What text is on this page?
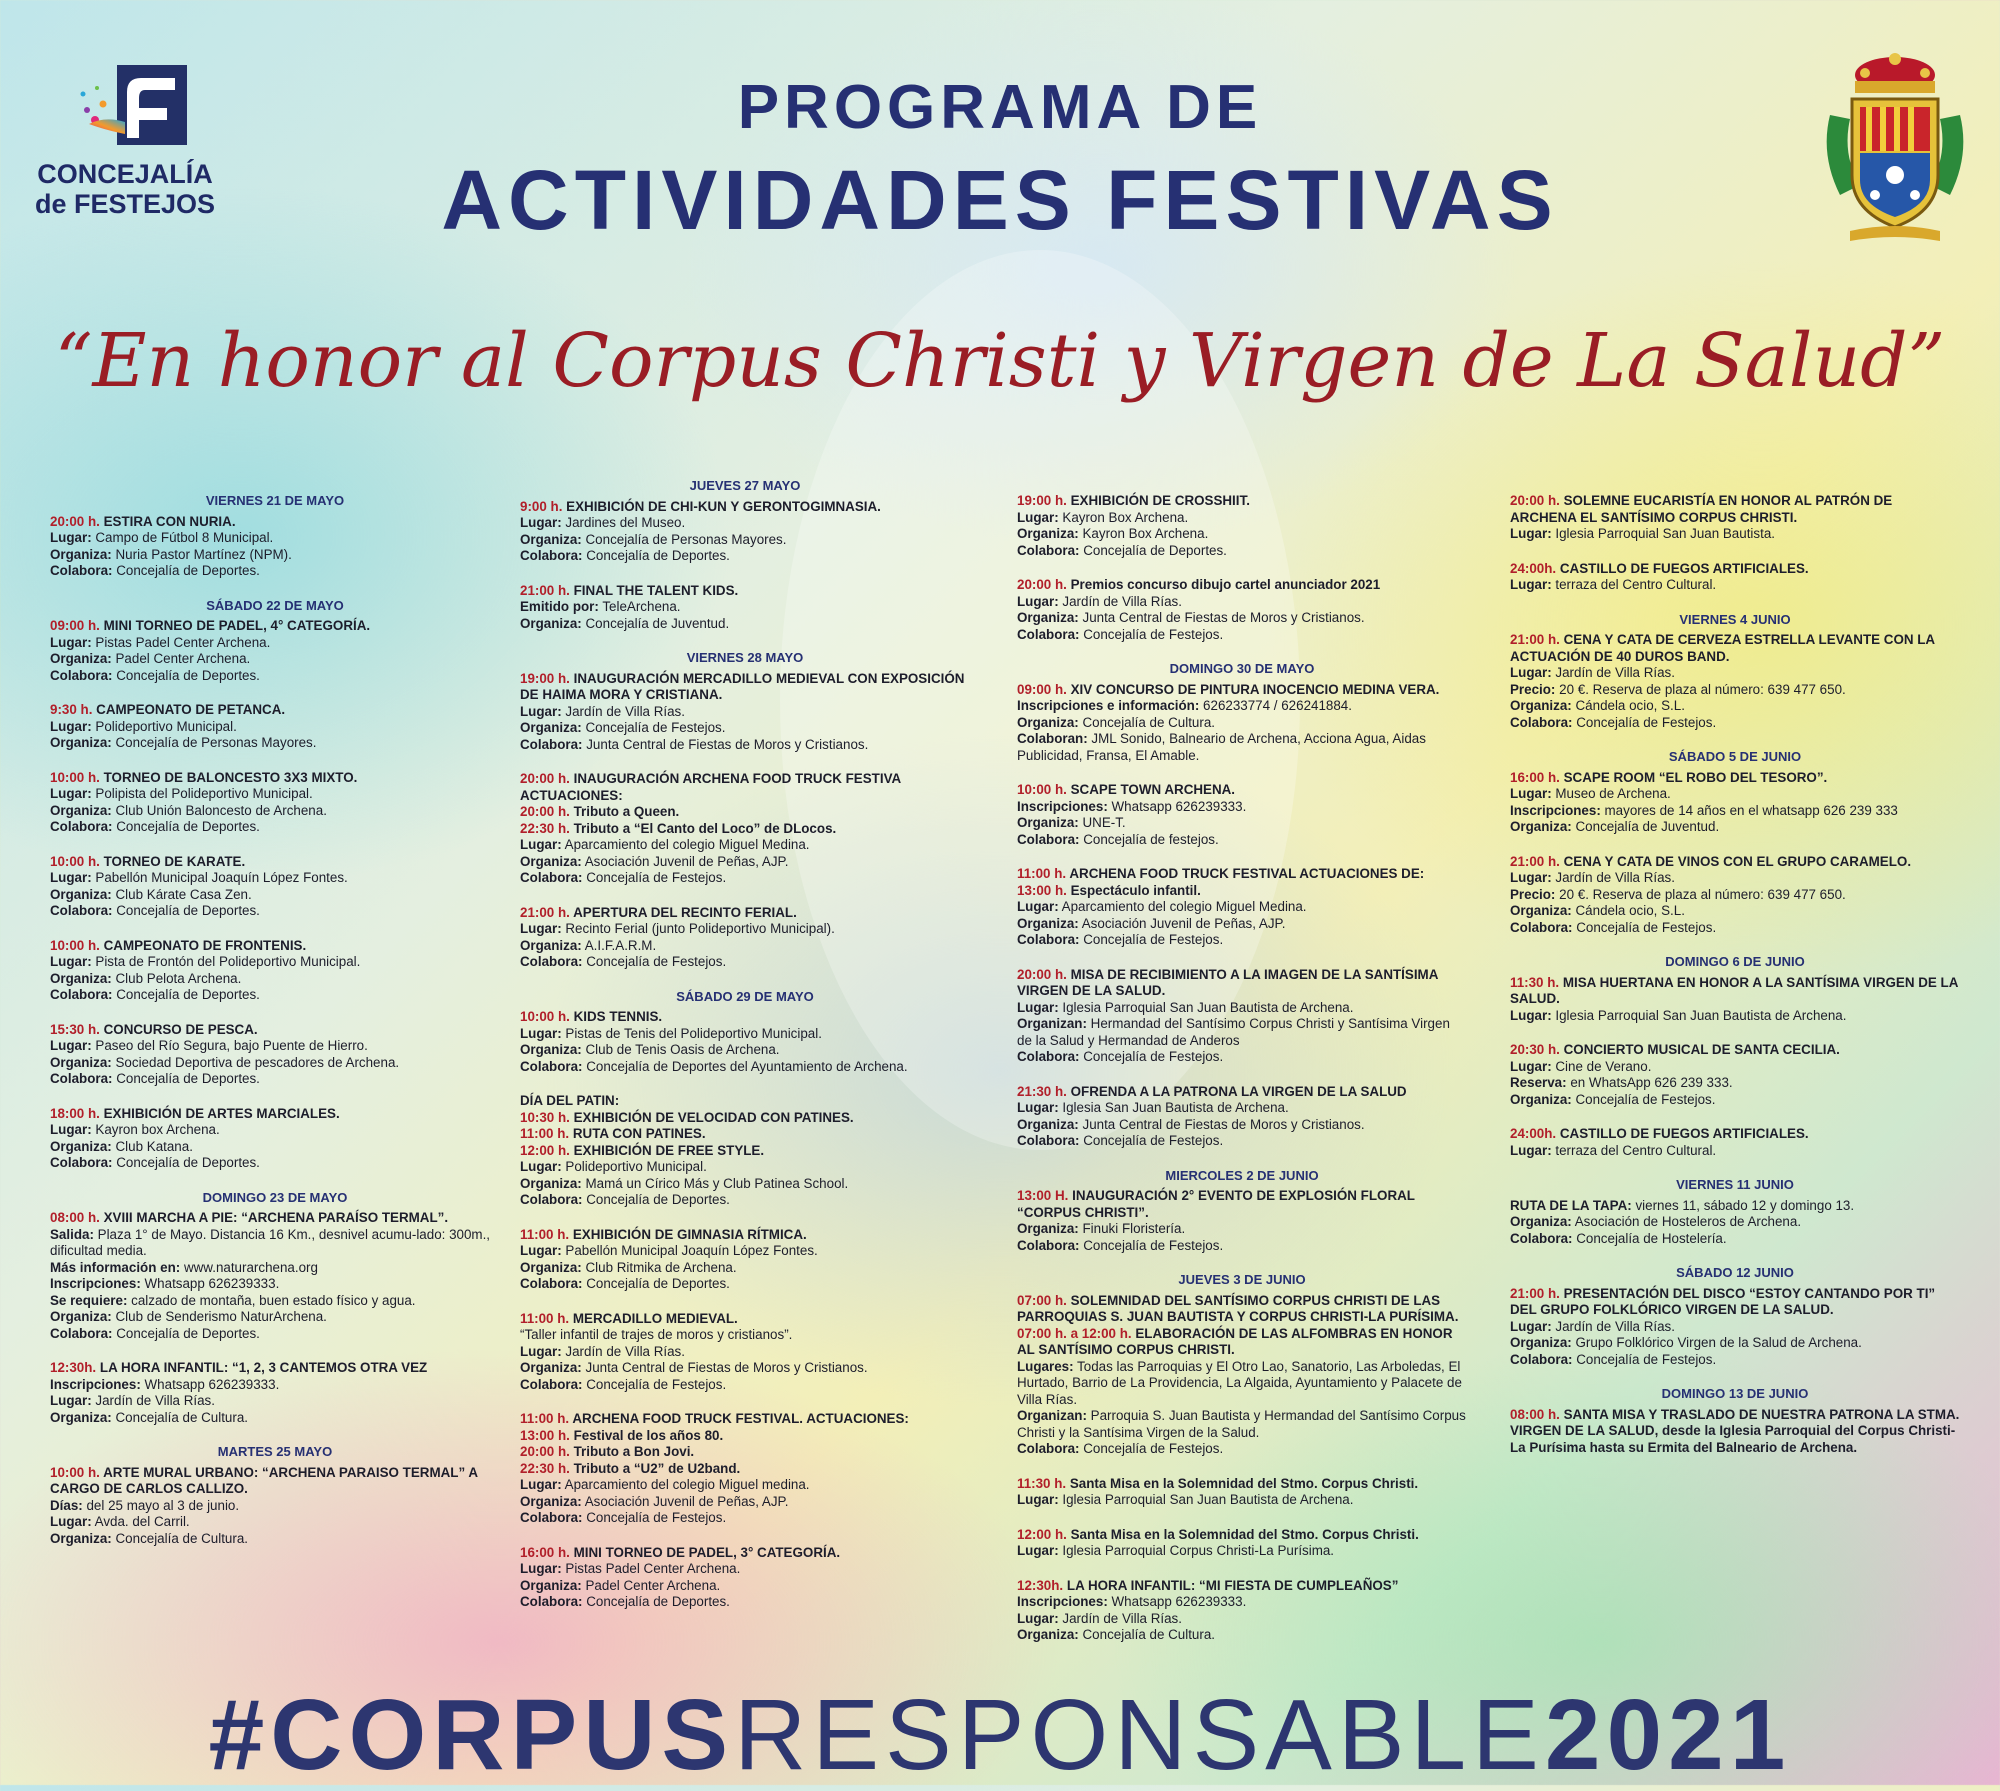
CONCEJALÍA
de FESTEJOS
PROGRAMA DE
ACTIVIDADES FESTIVAS
“En honor al Corpus Christi y Virgen de La Salud”
VIERNES 21 DE MAYO
20:00 h. ESTIRA CON NURIA.
Lugar: Campo de Fútbol 8 Municipal.
Organiza: Nuria Pastor Martínez (NPM).
Colabora: Concejalía de Deportes.
SÁBADO 22 DE MAYO
09:00 h. MINI TORNEO DE PADEL, 4° CATEGORÍA.
Lugar: Pistas Padel Center Archena.
Organiza: Padel Center Archena.
Colabora: Concejalía de Deportes.
9:30 h. CAMPEONATO DE PETANCA.
Lugar: Polideportivo Municipal.
Organiza: Concejalía de Personas Mayores.
10:00 h. TORNEO DE BALONCESTO 3X3 MIXTO.
Lugar: Polipista del Polideportivo Municipal.
Organiza: Club Unión Baloncesto de Archena.
Colabora: Concejalía de Deportes.
10:00 h. TORNEO DE KARATE.
Lugar: Pabellón Municipal Joaquín López Fontes.
Organiza: Club Kárate Casa Zen.
Colabora: Concejalía de Deportes.
10:00 h. CAMPEONATO DE FRONTENIS.
Lugar: Pista de Frontón del Polideportivo Municipal.
Organiza: Club Pelota Archena.
Colabora: Concejalía de Deportes.
15:30 h. CONCURSO DE PESCA.
Lugar: Paseo del Río Segura, bajo Puente de Hierro.
Organiza: Sociedad Deportiva de pescadores de Archena.
Colabora: Concejalía de Deportes.
18:00 h. EXHIBICIÓN DE ARTES MARCIALES.
Lugar: Kayron box Archena.
Organiza: Club Katana.
Colabora: Concejalía de Deportes.
DOMINGO 23 DE MAYO
08:00 h. XVIII MARCHA A PIE: “ARCHENA PARAÍSO TERMAL”.
Salida: Plaza 1° de Mayo. Distancia 16 Km., desnivel acumu-lado: 300m., dificultad media.
Más información en: www.naturarchena.org
Inscripciones: Whatsapp 626239333.
Se requiere: calzado de montaña, buen estado físico y agua.
Organiza: Club de Senderismo NaturArchena.
Colabora: Concejalía de Deportes.
12:30h. LA HORA INFANTIL: “1, 2, 3 CANTEMOS OTRA VEZ
Inscripciones: Whatsapp 626239333.
Lugar: Jardín de Villa Rías.
Organiza: Concejalía de Cultura.
MARTES 25 MAYO
10:00 h. ARTE MURAL URBANO: “ARCHENA PARAISO TERMAL” A CARGO DE CARLOS CALLIZO.
Días: del 25 mayo al 3 de junio.
Lugar: Avda. del Carril.
Organiza: Concejalía de Cultura.
JUEVES 27 MAYO
9:00 h. EXHIBICIÓN DE CHI-KUN Y GERONTOGIMNASIA.
Lugar: Jardines del Museo.
Organiza: Concejalía de Personas Mayores.
Colabora: Concejalía de Deportes.
21:00 h. FINAL THE TALENT KIDS.
Emitido por: TeleArchena.
Organiza: Concejalía de Juventud.
VIERNES 28 MAYO
19:00 h. INAUGURACIÓN MERCADILLO MEDIEVAL CON EXPOSICIÓN DE HAIMA MORA Y CRISTIANA.
Lugar: Jardín de Villa Rías.
Organiza: Concejalía de Festejos.
Colabora: Junta Central de Fiestas de Moros y Cristianos.
20:00 h. INAUGURACIÓN ARCHENA FOOD TRUCK FESTIVA ACTUACIONES:
20:00 h. Tributo a Queen.
22:30 h. Tributo a “El Canto del Loco” de DLocos.
Lugar: Aparcamiento del colegio Miguel Medina.
Organiza: Asociación Juvenil de Peñas, AJP.
Colabora: Concejalía de Festejos.
21:00 h. APERTURA DEL RECINTO FERIAL.
Lugar: Recinto Ferial (junto Polideportivo Municipal).
Organiza: A.I.F.A.R.M.
Colabora: Concejalía de Festejos.
SÁBADO 29 DE MAYO
10:00 h. KIDS TENNIS.
Lugar: Pistas de Tenis del Polideportivo Municipal.
Organiza: Club de Tenis Oasis de Archena.
Colabora: Concejalía de Deportes del Ayuntamiento de Archena.
DÍA DEL PATIN:
10:30 h. EXHIBICIÓN DE VELOCIDAD CON PATINES.
11:00 h. RUTA CON PATINES.
12:00 h. EXHIBICIÓN DE FREE STYLE.
Lugar: Polideportivo Municipal.
Organiza: Mamá un Círico Más y Club Patinea School.
Colabora: Concejalía de Deportes.
11:00 h. EXHIBICIÓN DE GIMNASIA RÍTMICA.
Lugar: Pabellón Municipal Joaquín López Fontes.
Organiza: Club Ritmika de Archena.
Colabora: Concejalía de Deportes.
11:00 h. MERCADILLO MEDIEVAL.
“Taller infantil de trajes de moros y cristianos”.
Lugar: Jardín de Villa Rías.
Organiza: Junta Central de Fiestas de Moros y Cristianos.
Colabora: Concejalía de Festejos.
11:00 h. ARCHENA FOOD TRUCK FESTIVAL. ACTUACIONES:
13:00 h. Festival de los años 80.
20:00 h. Tributo a Bon Jovi.
22:30 h. Tributo a “U2” de U2band.
Lugar: Aparcamiento del colegio Miguel medina.
Organiza: Asociación Juvenil de Peñas, AJP.
Colabora: Concejalía de Festejos.
16:00 h. MINI TORNEO DE PADEL, 3° CATEGORÍA.
Lugar: Pistas Padel Center Archena.
Organiza: Padel Center Archena.
Colabora: Concejalía de Deportes.
19:00 h. EXHIBICIÓN DE CROSSHIIT.
Lugar: Kayron Box Archena.
Organiza: Kayron Box Archena.
Colabora: Concejalía de Deportes.
20:00 h. Premios concurso dibujo cartel anunciador 2021
Lugar: Jardín de Villa Rías.
Organiza: Junta Central de Fiestas de Moros y Cristianos.
Colabora: Concejalía de Festejos.
DOMINGO 30 DE MAYO
09:00 h. XIV CONCURSO DE PINTURA INOCENCIO MEDINA VERA.
Inscripciones e información: 626233774 / 626241884.
Organiza: Concejalía de Cultura.
Colaboran: JML Sonido, Balneario de Archena, Acciona Agua, Aidas Publicidad, Fransa, El Amable.
10:00 h. SCAPE TOWN ARCHENA.
Inscripciones: Whatsapp 626239333.
Organiza: UNE-T.
Colabora: Concejalía de festejos.
11:00 h. ARCHENA FOOD TRUCK FESTIVAL ACTUACIONES DE:
13:00 h. Espectáculo infantil.
Lugar: Aparcamiento del colegio Miguel Medina.
Organiza: Asociación Juvenil de Peñas, AJP.
Colabora: Concejalía de Festejos.
20:00 h. MISA DE RECIBIMIENTO A LA IMAGEN DE LA SANTÍSIMA VIRGEN DE LA SALUD.
Lugar: Iglesia Parroquial San Juan Bautista de Archena.
Organizan: Hermandad del Santísimo Corpus Christi y Santísima Virgen de la Salud y Hermandad de Anderos
Colabora: Concejalía de Festejos.
21:30 h. OFRENDA A LA PATRONA LA VIRGEN DE LA SALUD
Lugar: Iglesia San Juan Bautista de Archena.
Organiza: Junta Central de Fiestas de Moros y Cristianos.
Colabora: Concejalía de Festejos.
MIERCOLES 2 DE JUNIO
13:00 H. INAUGURACIÓN 2° EVENTO DE EXPLOSIÓN FLORAL “CORPUS CHRISTI”.
Organiza: Finuki Floristería.
Colabora: Concejalía de Festejos.
JUEVES 3 DE JUNIO
07:00 h. SOLEMNIDAD DEL SANTÍSIMO CORPUS CHRISTI DE LAS PARROQUIAS S. JUAN BAUTISTA Y CORPUS CHRISTI-LA PURÍSIMA.
07:00 h. a 12:00 h. ELABORACIÓN DE LAS ALFOMBRAS EN HONOR AL SANTÍSIMO CORPUS CHRISTI.
Lugares: Todas las Parroquias y El Otro Lao, Sanatorio, Las Arboledas, El Hurtado, Barrio de La Providencia, La Algaida, Ayuntamiento y Palacete de Villa Rías.
Organizan: Parroquia S. Juan Bautista y Hermandad del Santísimo Corpus Christi y la Santísima Virgen de la Salud.
Colabora: Concejalía de Festejos.
11:30 h. Santa Misa en la Solemnidad del Stmo. Corpus Christi.
Lugar: Iglesia Parroquial San Juan Bautista de Archena.
12:00 h. Santa Misa en la Solemnidad del Stmo. Corpus Christi.
Lugar: Iglesia Parroquial Corpus Christi-La Purísima.
12:30h. LA HORA INFANTIL: “MI FIESTA DE CUMPLEAÑOS”
Inscripciones: Whatsapp 626239333.
Lugar: Jardín de Villa Rías.
Organiza: Concejalía de Cultura.
20:00 h. SOLEMNE EUCARISTÍA EN HONOR AL PATRÓN DE ARCHENA EL SANTÍSIMO CORPUS CHRISTI.
Lugar: Iglesia Parroquial San Juan Bautista.
24:00h. CASTILLO DE FUEGOS ARTIFICIALES.
Lugar: terraza del Centro Cultural.
VIERNES 4 JUNIO
21:00 h. CENA Y CATA DE CERVEZA ESTRELLA LEVANTE CON LA ACTUACIÓN DE 40 DUROS BAND.
Lugar: Jardín de Villa Rías.
Precio: 20 €. Reserva de plaza al número: 639 477 650.
Organiza: Cándela ocio, S.L.
Colabora: Concejalía de Festejos.
SÁBADO 5 DE JUNIO
16:00 h. SCAPE ROOM “EL ROBO DEL TESORO”.
Lugar: Museo de Archena.
Inscripciones: mayores de 14 años en el whatsapp 626 239 333
Organiza: Concejalía de Juventud.
21:00 h. CENA Y CATA DE VINOS CON EL GRUPO CARAMELO.
Lugar: Jardín de Villa Rías.
Precio: 20 €. Reserva de plaza al número: 639 477 650.
Organiza: Cándela ocio, S.L.
Colabora: Concejalía de Festejos.
DOMINGO 6 DE JUNIO
11:30 h. MISA HUERTANA EN HONOR A LA SANTÍSIMA VIRGEN DE LA SALUD.
Lugar: Iglesia Parroquial San Juan Bautista de Archena.
20:30 h. CONCIERTO MUSICAL DE SANTA CECILIA.
Lugar: Cine de Verano.
Reserva: en WhatsApp 626 239 333.
Organiza: Concejalía de Festejos.
24:00h. CASTILLO DE FUEGOS ARTIFICIALES.
Lugar: terraza del Centro Cultural.
VIERNES 11 JUNIO
RUTA DE LA TAPA: viernes 11, sábado 12 y domingo 13.
Organiza: Asociación de Hosteleros de Archena.
Colabora: Concejalía de Hostelería.
SÁBADO 12 JUNIO
21:00 h. PRESENTACIÓN DEL DISCO “ESTOY CANTANDO POR TI” DEL GRUPO FOLKLÓRICO VIRGEN DE LA SALUD.
Lugar: Jardín de Villa Rías.
Organiza: Grupo Folklórico Virgen de la Salud de Archena.
Colabora: Concejalía de Festejos.
DOMINGO 13 DE JUNIO
08:00 h. SANTA MISA Y TRASLADO DE NUESTRA PATRONA LA STMA. VIRGEN DE LA SALUD, desde la Iglesia Parroquial del Corpus Christi-La Purísima hasta su Ermita del Balneario de Archena.
#CORPUSRESPONSABLE2021
